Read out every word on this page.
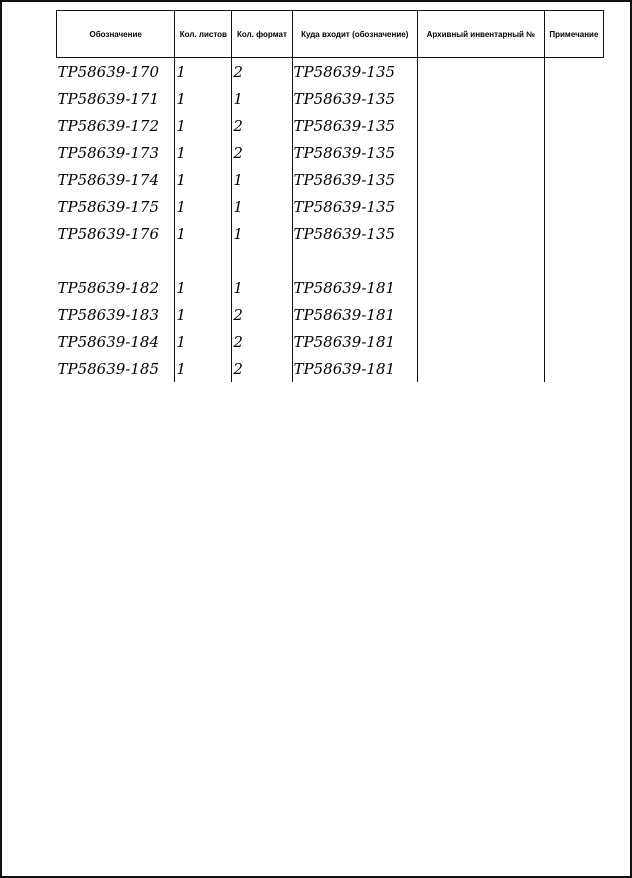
Обозначение	Кол. листов	Кол. формат	Куда входит (обозначение)	Архивный инвентарный №	Примечание
ТР58639-170	1	2	ТР58639-135		
ТР58639-171	1	1	ТР58639-135		
ТР58639-172	1	2	ТР58639-135		
ТР58639-173	1	2	ТР58639-135		
ТР58639-174	1	1	ТР58639-135		
ТР58639-175	1	1	ТР58639-135		
ТР58639-176	1	1	ТР58639-135		

ТР58639-182	1	1	ТР58639-181		
ТР58639-183	1	2	ТР58639-181		
ТР58639-184	1	2	ТР58639-181		
ТР58639-185	1	2	ТР58639-181		
